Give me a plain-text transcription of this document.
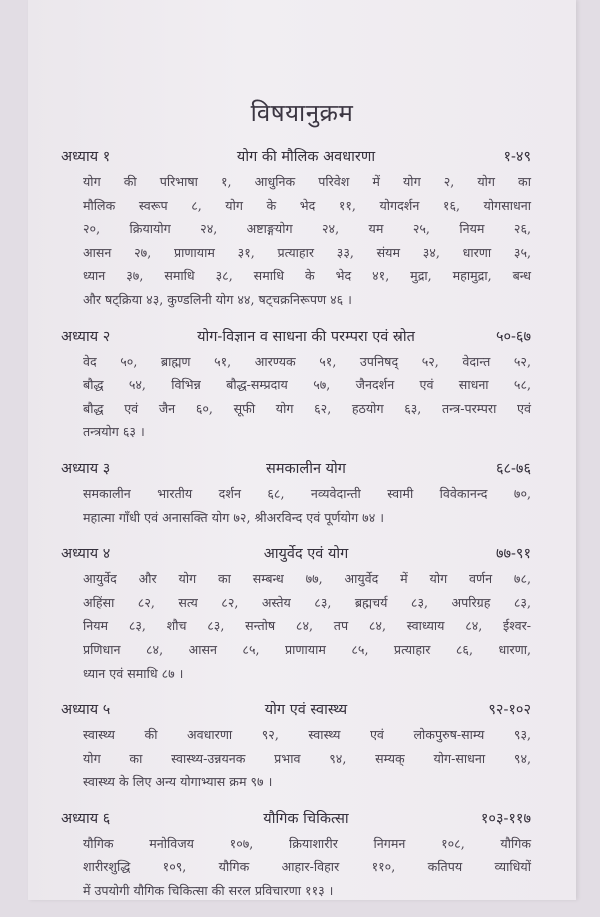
विषयानुक्रम
अध्याय १	योग की मौलिक अवधारणा	१-४९
योग की परिभाषा १, आधुनिक परिवेश में योग २, योग का
मौलिक स्वरूप ८, योग के भेद ११, योगदर्शन १६, योगसाधना
२०, क्रियायोग २४, अष्टाङ्गयोग २४, यम २५, नियम २६,
आसन २७, प्राणायाम ३१, प्रत्याहार ३३, संयम ३४, धारणा ३५,
ध्यान ३७, समाधि ३८, समाधि के भेद ४१, मुद्रा, महामुद्रा, बन्ध
और षट्क्रिया ४३, कुण्डलिनी योग ४४, षट्चक्रनिरूपण ४६ ।
अध्याय २	योग-विज्ञान व साधना की परम्परा एवं स्रोत	५०-६७
वेद ५०, ब्राह्मण ५१, आरण्यक ५१, उपनिषद् ५२, वेदान्त ५२,
बौद्ध ५४, विभिन्न बौद्ध-सम्प्रदाय ५७, जैनदर्शन एवं साधना ५८,
बौद्ध एवं जैन ६०, सूफी योग ६२, हठयोग ६३, तन्त्र-परम्परा एवं
तन्त्रयोग ६३ ।
अध्याय ३	समकालीन योग	६८-७६
समकालीन भारतीय दर्शन ६८, नव्यवेदान्ती स्वामी विवेकानन्द ७०,
महात्मा गाँधी एवं अनासक्ति योग ७२, श्रीअरविन्द एवं पूर्णयोग ७४ ।
अध्याय ४	आयुर्वेद एवं योग	७७-९१
आयुर्वेद और योग का सम्बन्ध ७७, आयुर्वेद में योग वर्णन ७८,
अहिंसा ८२, सत्य ८२, अस्तेय ८३, ब्रह्मचर्य ८३, अपरिग्रह ८३,
नियम ८३, शौच ८३, सन्तोष ८४, तप ८४, स्वाध्याय ८४, ईश्वर-
प्रणिधान ८४, आसन ८५, प्राणायाम ८५, प्रत्याहार ८६, धारणा,
ध्यान एवं समाधि ८७ ।
अध्याय ५	योग एवं स्वास्थ्य	९२-१०२
स्वास्थ्य की अवधारणा ९२, स्वास्थ्य एवं लोकपुरुष-साम्य ९३,
योग का स्वास्थ्य-उन्नयनक प्रभाव ९४, सम्यक् योग-साधना ९४,
स्वास्थ्य के लिए अन्य योगाभ्यास क्रम ९७ ।
अध्याय ६	यौगिक चिकित्सा	१०३-११७
यौगिक मनोविजय १०७, क्रियाशारीर निगमन १०८, यौगिक
शारीरशुद्धि १०९, यौगिक आहार-विहार ११०, कतिपय व्याधियों
में उपयोगी यौगिक चिकित्सा की सरल प्रविचारणा ११३ ।
